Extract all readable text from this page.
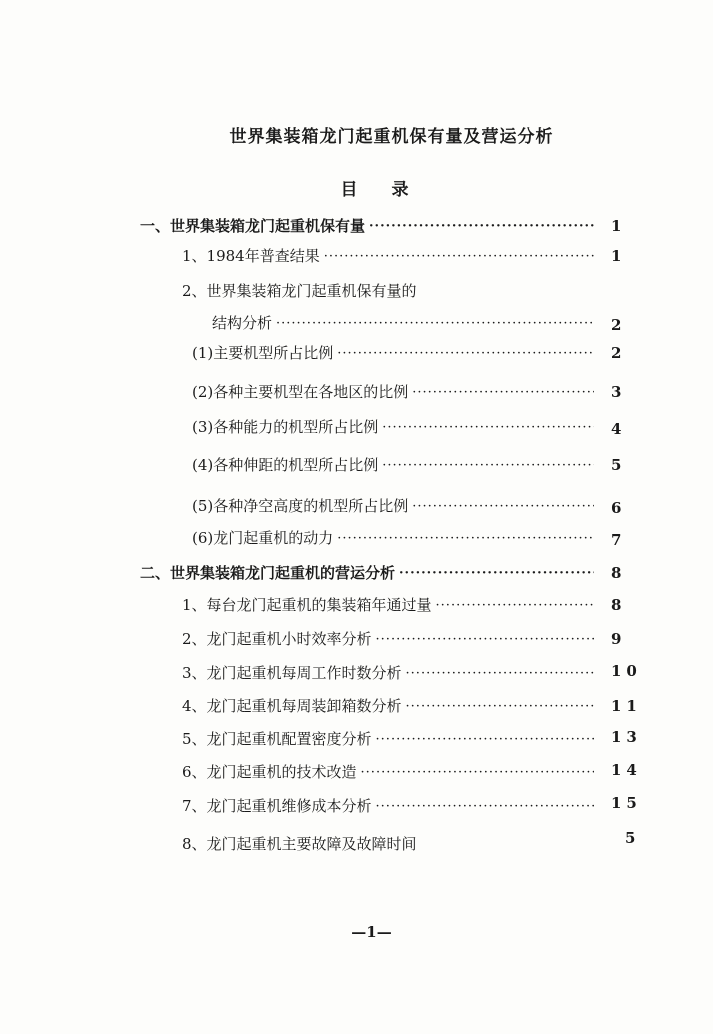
世界集装箱龙门起重机保有量及营运分析
目 录
一、世界集装箱龙门起重机保有量 ·····	1
1、1984年普查结果 ·····	1
2、世界集装箱龙门起重机保有量的
结构分析 ·····	2
(1)主要机型所占比例 ·····	2
(2)各种主要机型在各地区的比例 ·····	3
(3)各种能力的机型所占比例 ·····	4
(4)各种伸距的机型所占比例 ·····	5
(5)各种净空高度的机型所占比例 ·····	6
(6)龙门起重机的动力 ·····	7
二、世界集装箱龙门起重机的营运分析 ·····	8
1、每台龙门起重机的集装箱年通过量 ·····	8
2、龙门起重机小时效率分析 ·····	9
3、龙门起重机每周工作时数分析 ·····	10
4、龙门起重机每周装卸箱数分析 ·····	11
5、龙门起重机配置密度分析 ·····	13
6、龙门起重机的技术改造 ·····	14
7、龙门起重机维修成本分析 ·····	15
8、龙门起重机主要故障及故障时间	5
—1—
